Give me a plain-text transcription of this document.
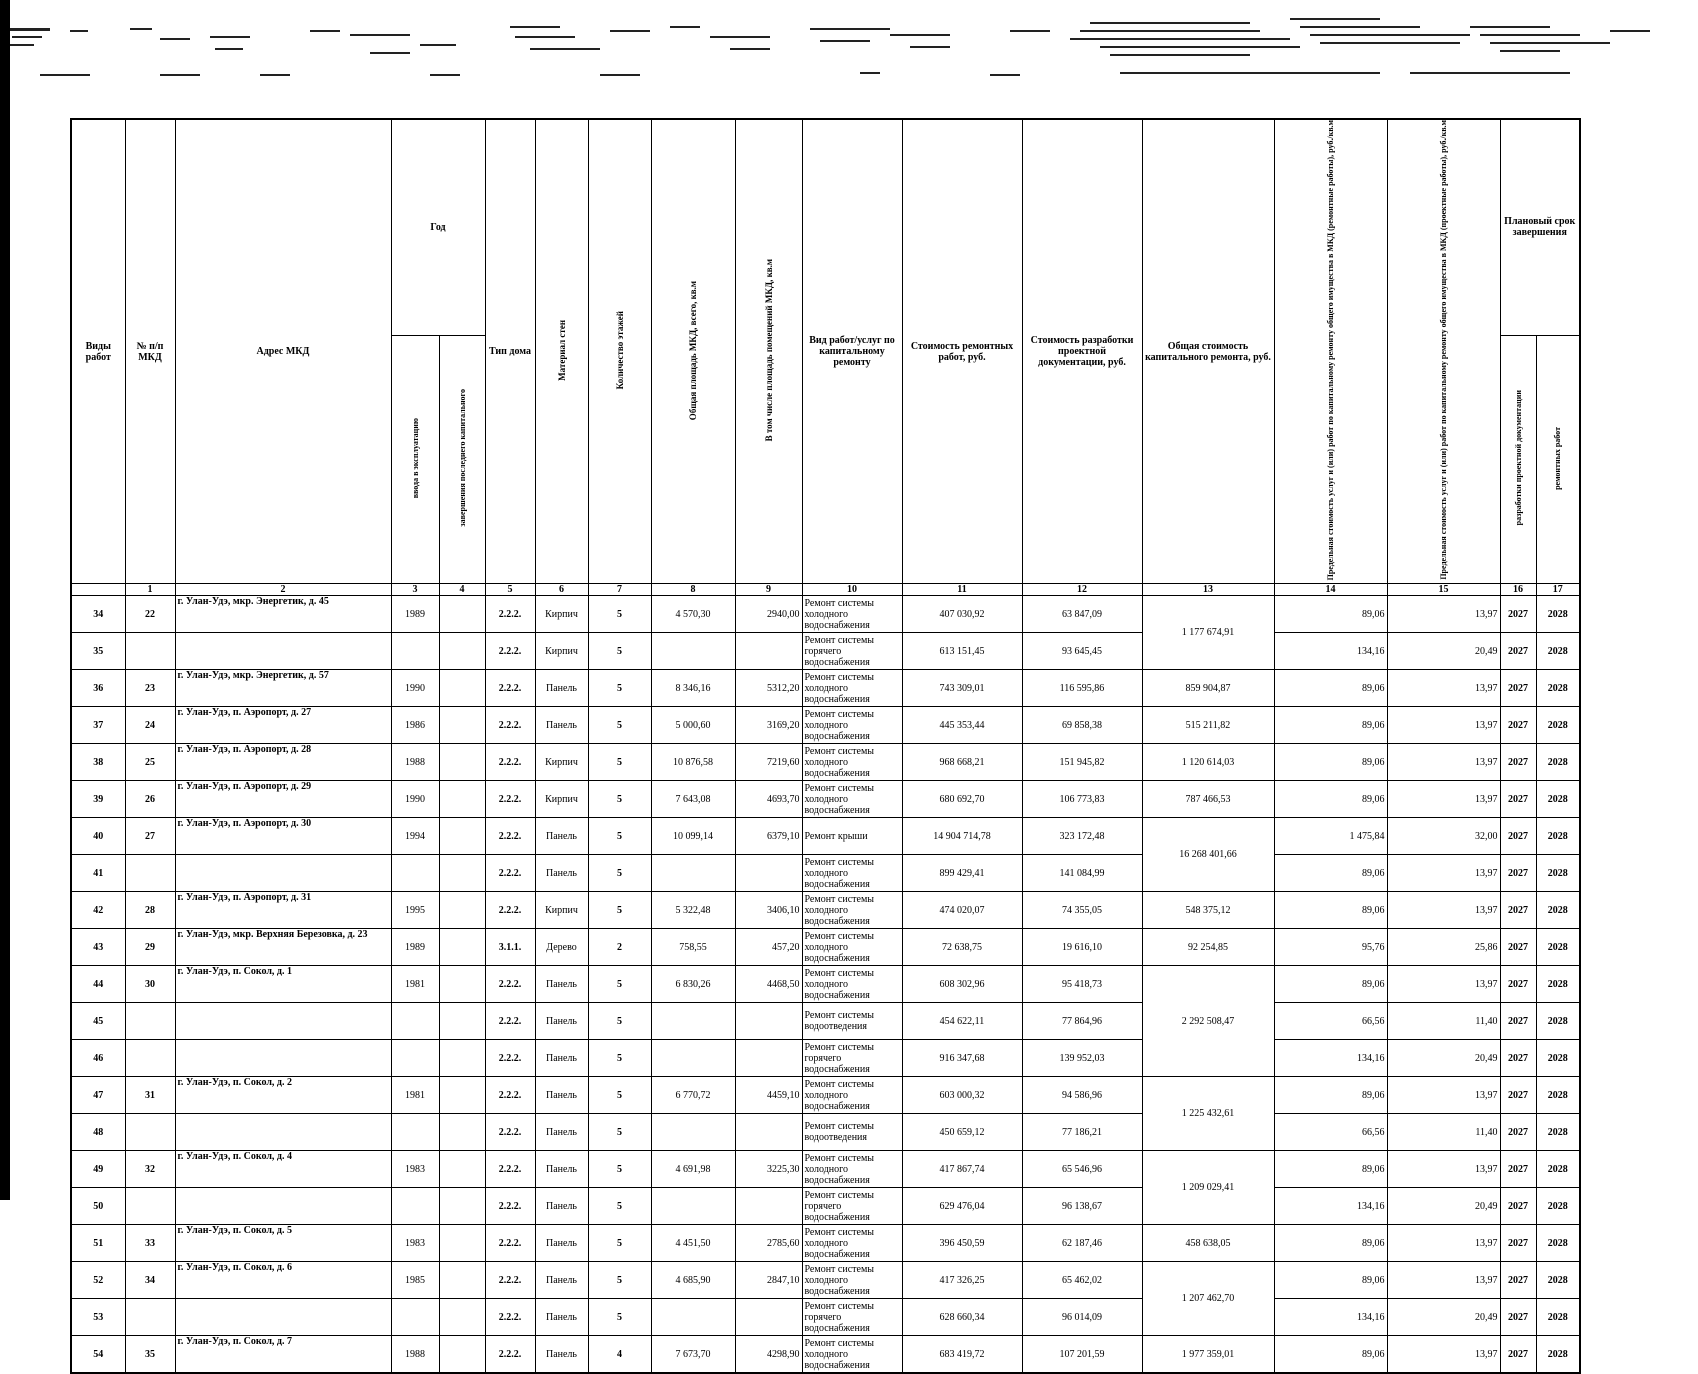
Виды работ	№ п/п МКД	Адрес МКД	Год		Тип дома	Материал стен	Количество этажей	Общая площадь МКД, всего, кв.м	В том числе площадь помещений МКД, кв.м	Вид работ/услуг по капитальному ремонту	Стоимость ремонтных работ, руб.	Стоимость разработки проектной документации, руб.	Общая стоимость капитального ремонта, руб.	Предельная стоимость услуг и (или) работ по капитальному ремонту общего имущества в МКД (ремонтные работы), руб./кв.м	Предельная стоимость услуг и (или) работ по капитальному ремонту общего имущества в МКД (проектные работы), руб./кв.м	Плановый срок завершения	
			ввода в эксплуатацию	завершения последнего капитального												разработки проектной документации	ремонтных работ
	1	2	3	4	5	6	7	8	9	10	11	12	13	14	15	16	17
34	22	г. Улан-Удэ, мкр. Энергетик, д. 45	1989		2.2.2.	Кирпич	5	4 570,30	2940,00	Ремонт системы холодного водоснабжения	407 030,92	63 847,09	1 177 674,91	89,06	13,97	2027	2028
35					2.2.2.	Кирпич	5			Ремонт системы горячего водоснабжения	613 151,45	93 645,45		134,16	20,49	2027	2028
36	23	г. Улан-Удэ, мкр. Энергетик, д. 57	1990		2.2.2.	Панель	5	8 346,16	5312,20	Ремонт системы холодного водоснабжения	743 309,01	116 595,86	859 904,87	89,06	13,97	2027	2028
37	24	г. Улан-Удэ, п. Аэропорт, д. 27	1986		2.2.2.	Панель	5	5 000,60	3169,20	Ремонт системы холодного водоснабжения	445 353,44	69 858,38	515 211,82	89,06	13,97	2027	2028
38	25	г. Улан-Удэ, п. Аэропорт, д. 28	1988		2.2.2.	Кирпич	5	10 876,58	7219,60	Ремонт системы холодного водоснабжения	968 668,21	151 945,82	1 120 614,03	89,06	13,97	2027	2028
39	26	г. Улан-Удэ, п. Аэропорт, д. 29	1990		2.2.2.	Кирпич	5	7 643,08	4693,70	Ремонт системы холодного водоснабжения	680 692,70	106 773,83	787 466,53	89,06	13,97	2027	2028
40	27	г. Улан-Удэ, п. Аэропорт, д. 30	1994		2.2.2.	Панель	5	10 099,14	6379,10	Ремонт крыши	14 904 714,78	323 172,48	16 268 401,66	1 475,84	32,00	2027	2028
41					2.2.2.	Панель	5			Ремонт системы холодного водоснабжения	899 429,41	141 084,99		89,06	13,97	2027	2028
42	28	г. Улан-Удэ, п. Аэропорт, д. 31	1995		2.2.2.	Кирпич	5	5 322,48	3406,10	Ремонт системы холодного водоснабжения	474 020,07	74 355,05	548 375,12	89,06	13,97	2027	2028
43	29	г. Улан-Удэ, мкр. Верхняя Березовка, д. 23	1989		3.1.1.	Дерево	2	758,55	457,20	Ремонт системы холодного водоснабжения	72 638,75	19 616,10	92 254,85	95,76	25,86	2027	2028
44	30	г. Улан-Удэ, п. Сокол, д. 1	1981		2.2.2.	Панель	5	6 830,26	4468,50	Ремонт системы холодного водоснабжения	608 302,96	95 418,73	2 292 508,47	89,06	13,97	2027	2028
45					2.2.2.	Панель	5			Ремонт системы водоотведения	454 622,11	77 864,96		66,56	11,40	2027	2028
46					2.2.2.	Панель	5			Ремонт системы горячего водоснабжения	916 347,68	139 952,03		134,16	20,49	2027	2028
47	31	г. Улан-Удэ, п. Сокол, д. 2	1981		2.2.2.	Панель	5	6 770,72	4459,10	Ремонт системы холодного водоснабжения	603 000,32	94 586,96	1 225 432,61	89,06	13,97	2027	2028
48					2.2.2.	Панель	5			Ремонт системы водоотведения	450 659,12	77 186,21		66,56	11,40	2027	2028
49	32	г. Улан-Удэ, п. Сокол, д. 4	1983		2.2.2.	Панель	5	4 691,98	3225,30	Ремонт системы холодного водоснабжения	417 867,74	65 546,96	1 209 029,41	89,06	13,97	2027	2028
50					2.2.2.	Панель	5			Ремонт системы горячего водоснабжения	629 476,04	96 138,67		134,16	20,49	2027	2028
51	33	г. Улан-Удэ, п. Сокол, д. 5	1983		2.2.2.	Панель	5	4 451,50	2785,60	Ремонт системы холодного водоснабжения	396 450,59	62 187,46	458 638,05	89,06	13,97	2027	2028
52	34	г. Улан-Удэ, п. Сокол, д. 6	1985		2.2.2.	Панель	5	4 685,90	2847,10	Ремонт системы холодного водоснабжения	417 326,25	65 462,02	1 207 462,70	89,06	13,97	2027	2028
53					2.2.2.	Панель	5			Ремонт системы горячего водоснабжения	628 660,34	96 014,09		134,16	20,49	2027	2028
54	35	г. Улан-Удэ, п. Сокол, д. 7	1988		2.2.2.	Панель	4	7 673,70	4298,90	Ремонт системы холодного водоснабжения	683 419,72	107 201,59	1 977 359,01	89,06	13,97	2027	2028
